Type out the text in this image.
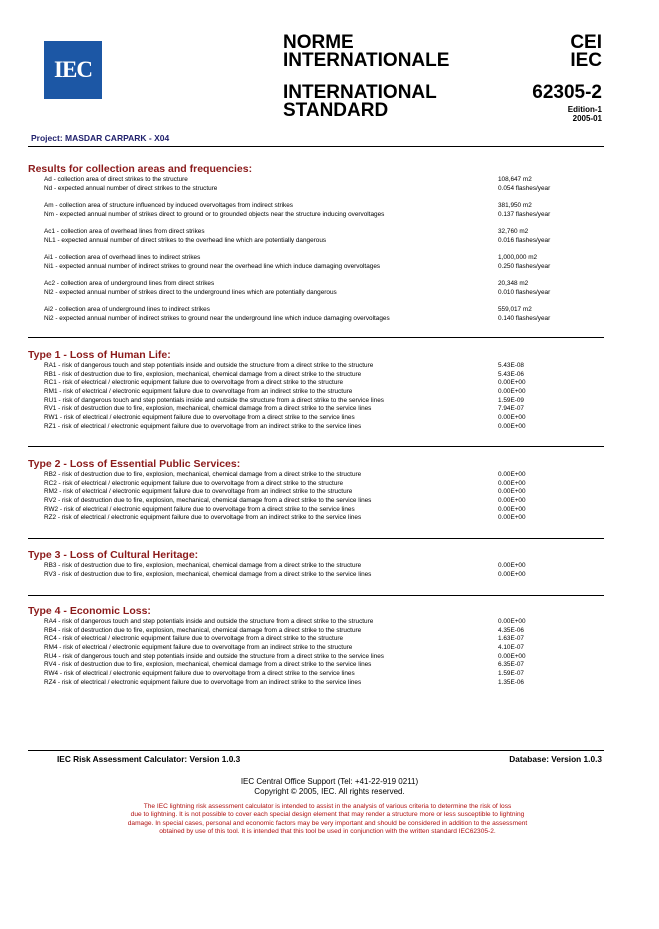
IEC
NORME
INTERNATIONALE
INTERNATIONAL
STANDARD
CEI
IEC
62305-2
Edition-1
2005-01
Project: MASDAR CARPARK - X04
Results for collection areas and frequencies:
Ad - collection area of direct strikes to the structure	108,647 m2
Nd - expected annual number of direct strikes to the structure	0.054 flashes/year
Am - collection area of structure influenced by induced overvoltages from indirect strikes	381,950 m2
Nm - expected annual number of strikes direct to ground or to grounded objects near the structure inducing overvoltages	0.137 flashes/year
Ac1 - collection area of overhead lines from direct strikes	32,760 m2
NL1 - expected annual number of direct strikes to the overhead line which are potentially dangerous	0.016 flashes/year
Ai1 - collection area of overhead lines to indirect strikes	1,000,000 m2
Ni1 - expected annual number of indirect strikes to ground near the overhead line which induce damaging overvoltages	0.250 flashes/year
Ac2 - collection area of underground lines from direct strikes	20,348 m2
Nl2 - expected annual number of strikes direct to the underground lines which are potentially dangerous	0.010 flashes/year
Ai2 - collection area of underground lines to indirect strikes	559,017 m2
Ni2 - expected annual number of indirect strikes to ground near the underground line which induce damaging overvoltages	0.140 flashes/year
Type 1 - Loss of Human Life:
RA1 - risk of dangerous touch and step potentials inside and outside the structure from a direct strike to the structure	5.43E-08
RB1 - risk of destruction due to fire, explosion, mechanical, chemical damage from a direct strike to the structure	5.43E-06
RC1 - risk of electrical / electronic equipment failure due to overvoltage from a direct strike to the structure	0.00E+00
RM1 - risk of electrical / electronic equipment failure due to overvoltage from an indirect strike to the structure	0.00E+00
RU1 - risk of dangerous touch and step potentials inside and outside the structure from a direct strike to the service lines	1.59E-09
RV1 - risk of destruction due to fire, explosion, mechanical, chemical damage from a direct strike to the service lines	7.94E-07
RW1 - risk of electrical / electronic equipment failure due to overvoltage from a direct strike to the service lines	0.00E+00
RZ1 - risk of electrical / electronic equipment failure due to overvoltage from an indirect strike to the service lines	0.00E+00
Type 2 - Loss of Essential Public Services:
RB2 - risk of destruction due to fire, explosion, mechanical, chemical damage from a direct strike to the structure	0.00E+00
RC2 - risk of electrical / electronic equipment failure due to overvoltage from a direct strike to the structure	0.00E+00
RM2 - risk of electrical / electronic equipment failure due to overvoltage from an indirect strike to the structure	0.00E+00
RV2 - risk of destruction due to fire, explosion, mechanical, chemical damage from a direct strike to the service lines	0.00E+00
RW2 - risk of electrical / electronic equipment failure due to overvoltage from a direct strike to the service lines	0.00E+00
RZ2 - risk of electrical / electronic equipment failure due to overvoltage from an indirect strike to the service lines	0.00E+00
Type 3 - Loss of Cultural Heritage:
RB3 - risk of destruction due to fire, explosion, mechanical, chemical damage from a direct strike to the structure	0.00E+00
RV3 - risk of destruction due to fire, explosion, mechanical, chemical damage from a direct strike to the service lines	0.00E+00
Type 4 - Economic Loss:
RA4 - risk of dangerous touch and step potentials inside and outside the structure from a direct strike to the structure	0.00E+00
RB4 - risk of destruction due to fire, explosion, mechanical, chemical damage from a direct strike to the structure	4.35E-06
RC4 - risk of electrical / electronic equipment failure due to overvoltage from a direct strike to the structure	1.63E-07
RM4 - risk of electrical / electronic equipment failure due to overvoltage from an indirect strike to the structure	4.10E-07
RU4 - risk of dangerous touch and step potentials inside and outside the structure from a direct strike to the service lines	0.00E+00
RV4 - risk of destruction due to fire, explosion, mechanical, chemical damage from a direct strike to the service lines	6.35E-07
RW4 - risk of electrical / electronic equipment failure due to overvoltage from a direct strike to the service lines	1.59E-07
RZ4 - risk of electrical / electronic equipment failure due to overvoltage from an indirect strike to the service lines	1.35E-06
IEC Risk Assessment Calculator: Version 1.0.3	Database: Version 1.0.3
IEC Central Office Support (Tel: +41-22-919 0211)
Copyright © 2005, IEC. All rights reserved.
The IEC lightning risk assessment calculator is intended to assist in the analysis of various criteria to determine the risk of loss
due to lightning. It is not possible to cover each special design element that may render a structure more or less susceptible to lightning
damage. In special cases, personal and economic factors may be very important and should be considered in addition to the assessment
obtained by use of this tool. It is intended that this tool be used in conjunction with the written standard IEC62305-2.
